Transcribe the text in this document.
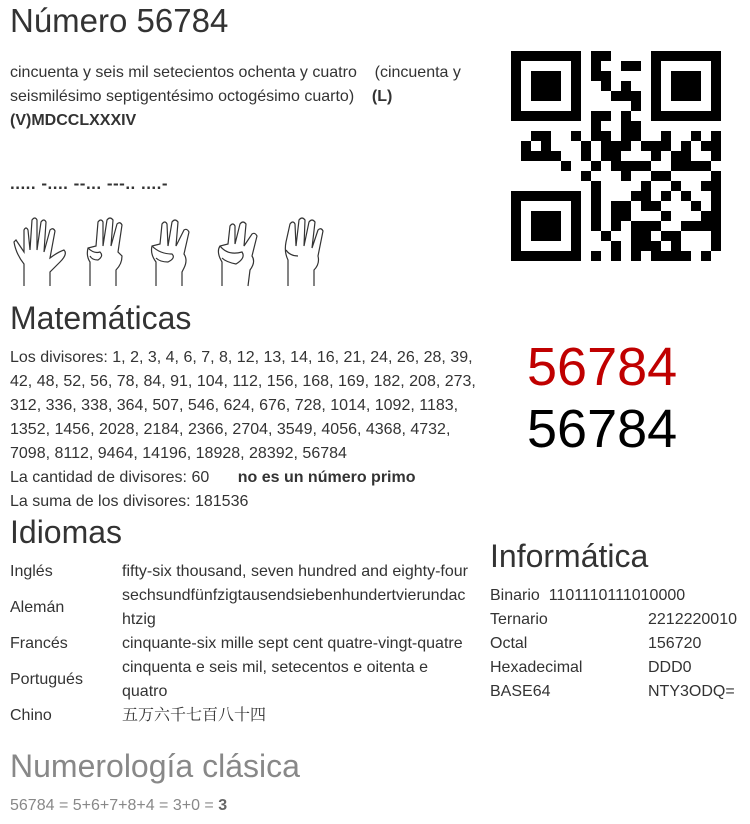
Número 56784
cincuenta y seis mil setecientos ochenta y cuatro (cincuenta y seismilésimo septigentésimo octogésimo cuarto) (L)(V)MDCCLXXXIV
..... -.... --... ---.. ....-
Matemáticas
Los divisores: 1, 2, 3, 4, 6, 7, 8, 12, 13, 14, 16, 21, 24, 26, 28, 39, 42, 48, 52, 56, 78, 84, 91, 104, 112, 156, 168, 169, 182, 208, 273, 312, 336, 338, 364, 507, 546, 624, 676, 728, 1014, 1092, 1183, 1352, 1456, 2028, 2184, 2366, 2704, 3549, 4056, 4368, 4732, 7098, 8112, 9464, 14196, 18928, 28392, 56784
La cantidad de divisores: 60 no es un número primo
La suma de los divisores: 181536
56784
56784
Idiomas
Inglés	fifty-six thousand, seven hundred and eighty-four
Alemán	sechsundfünfzigtausendsiebenhundertvierundachtzig
Francés	cinquante-six mille sept cent quatre-vingt-quatre
Portugués	cinquenta e seis mil, setecentos e oitenta e quatro
Chino	五万六千七百八十四
Informática
Binario 1101110111010000	
Ternario	2212220010
Octal	156720
Hexadecimal	DDD0
BASE64	NTY3ODQ=
Numerología clásica
56784 = 5+6+7+8+4 = 3+0 = 3
